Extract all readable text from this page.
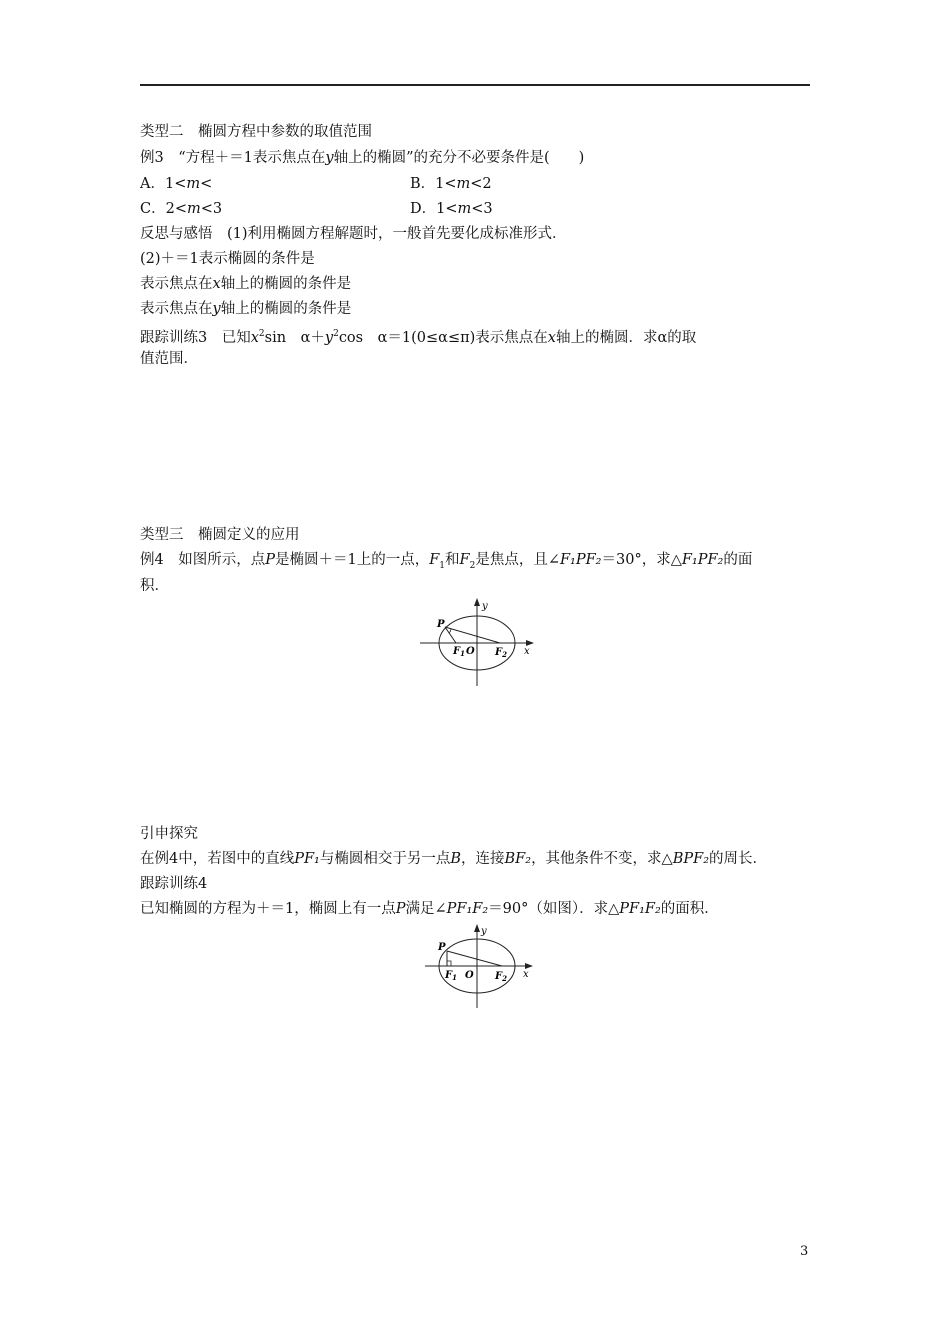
类型二　椭圆方程中参数的取值范围
例3　 “方程＋＝1表示焦点在y轴上的椭圆”的充分不必要条件是(　　)
A．1<m<	B．1<m<2
C．2<m<3	D．1<m<3
反思与感悟　 (1)利用椭圆方程解题时，一般首先要化成标准形式．
(2)＋＝1表示椭圆的条件是
表示焦点在x轴上的椭圆的条件是
表示焦点在y轴上的椭圆的条件是
跟踪训练3　 已知$x^2\sin$　$\alpha+y^2\cos$　α＝1(0≤α≤π)表示焦点在x轴上的椭圆．求α的取
值范围．
类型三　椭圆定义的应用
例4　 如图所示，点P是椭圆＋＝1上的一点，$F_1$和$F_2$是焦点，且∠F₁PF₂＝30°，求△F₁PF₂的面
积．
y
x
P
$F_1$ O $F_2$
引申探究
在例4中，若图中的直线PF₁与椭圆相交于另一点B，连接BF₂，其他条件不变，求△BPF₂的周长．
跟踪训练4
已知椭圆的方程为＋＝1，椭圆上有一点P满足∠PF₁F₂＝90°（如图）．求△PF₁F₂的面积．
y
x
P
$F_1$ O $F_2$
3
